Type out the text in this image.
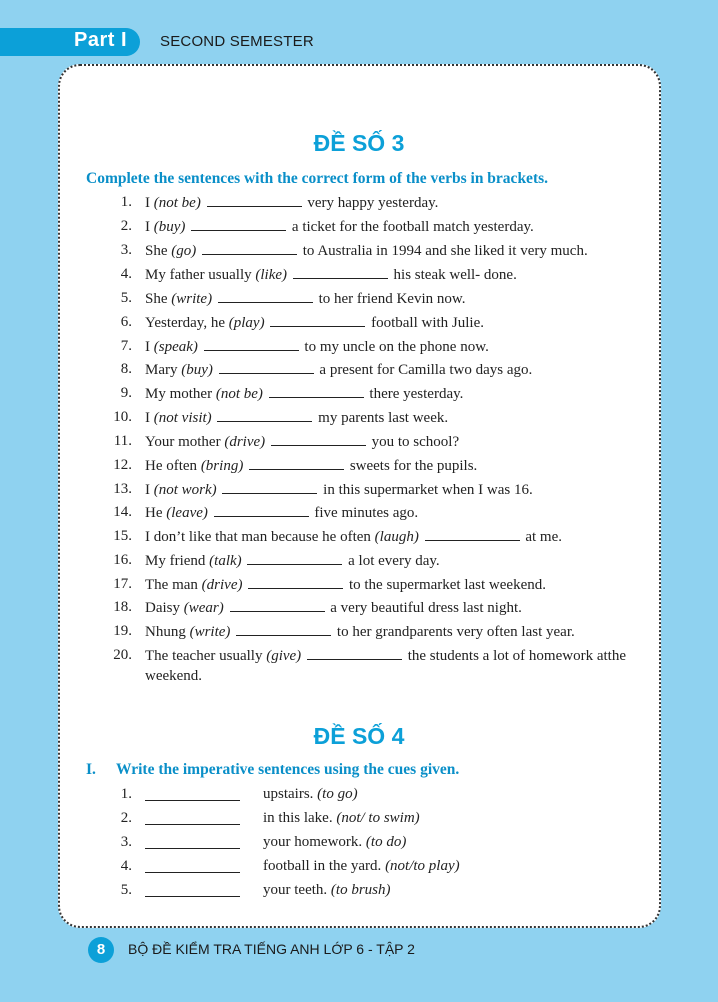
Part I SECOND SEMESTER
ĐỀ SỐ 3
Complete the sentences with the correct form of the verbs in brackets.
1. I (not be)	very happy yesterday.
2. I (buy)	a ticket for the football match yesterday.
3. She (go)	to Australia in 1994 and she liked it very much.
4. My father usually (like)	his steak well- done.
5. She (write)	to her friend Kevin now.
6. Yesterday, he (play)	football with Julie.
7. I (speak)	to my uncle on the phone now.
8. Mary (buy)	a present for Camilla two days ago.
9. My mother (not be)	there yesterday.
10. I (not visit)	my parents last week.
11. Your mother (drive)	you to school?
12. He often (bring)	sweets for the pupils.
13. I (not work)	in this supermarket when I was 16.
14. He (leave)	five minutes ago.
15. I don’t like that man because he often (laugh)	at me.
16. My friend (talk)	a lot every day.
17. The man (drive)	to the supermarket last weekend.
18. Daisy (wear)	a very beautiful dress last night.
19. Nhung (write)	to her grandparents very often last year.
20. The teacher usually (give)	the students a lot of homework atthe weekend.
ĐỀ SỐ 4
I. Write the imperative sentences using the cues given.
1.	upstairs. (to go)
2.	in this lake. (not/ to swim)
3.	your homework. (to do)
4.	football in the yard. (not/to play)
5.	your teeth. (to brush)
8	BỘ ĐỀ KIỂM TRA TIẾNG ANH LỚP 6 - TẬP 2
